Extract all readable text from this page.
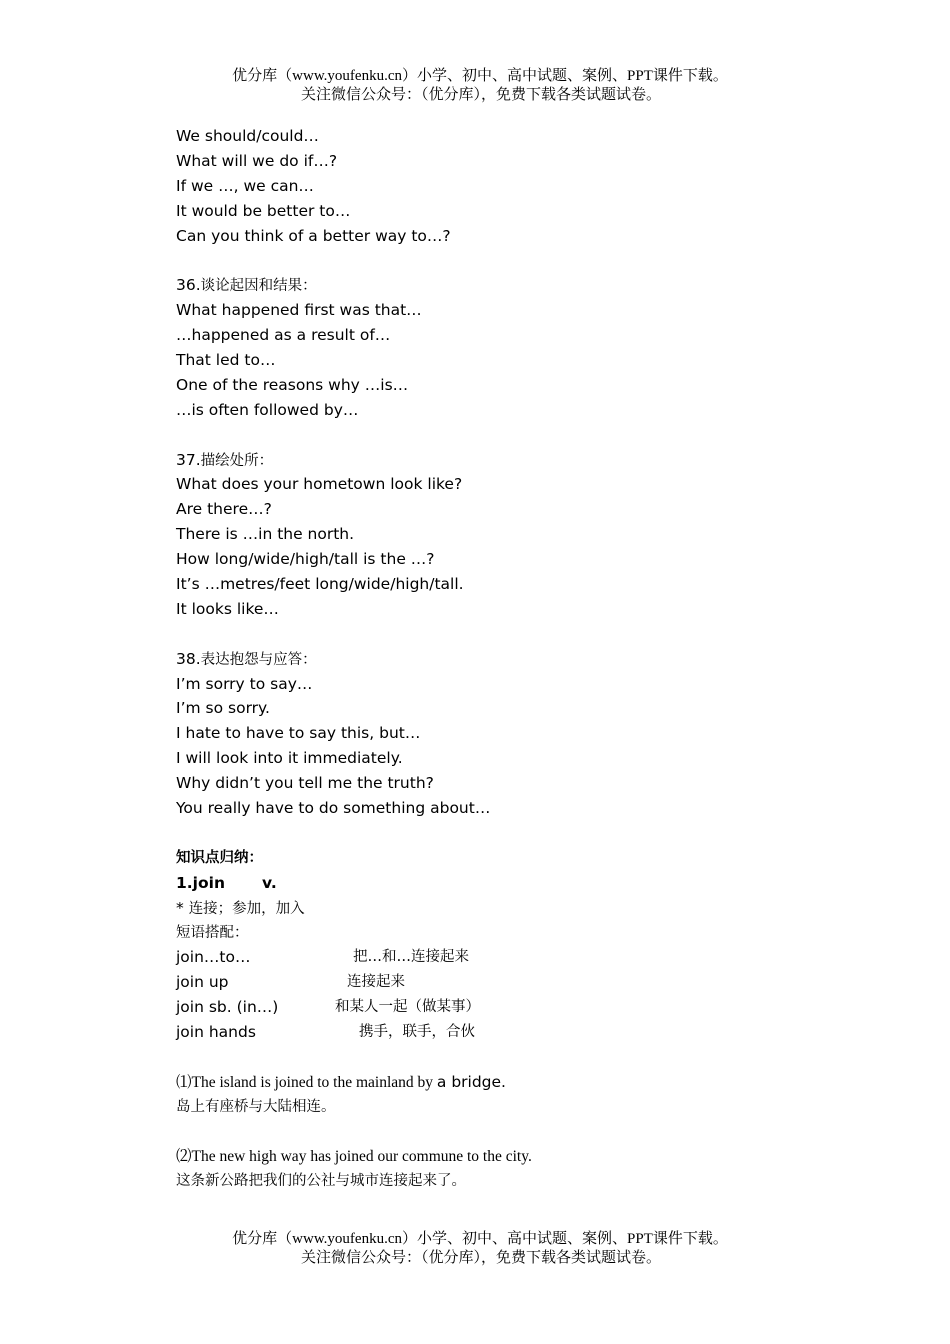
优分库（www.youfenku.cn）小学、初中、高中试题、案例、PPT课件下载。
关注微信公众号：（优分库），免费下载各类试题试卷。
We should/could…
What will we do if…?
If we …, we can…
It would be better to…
Can you think of a better way to…?
36.谈论起因和结果：
What happened first was that…
…happened as a result of…
That led to…
One of the reasons why …is…
…is often followed by…
37.描绘处所：
What does your hometown look like?
Are there…?
There is …in the north.
How long/wide/high/tall is the …?
It’s …metres/feet long/wide/high/tall.
It looks like…
38.表达抱怨与应答：
I’m sorry to say…
I’m so sorry.
I hate to have to say this, but…
I will look into it immediately.
Why didn’t you tell me the truth?
You really have to do something about…
知识点归纳：
1.join v.
* 连接；参加，加入
短语搭配：
join…to…	把…和…连接起来
join up	连接起来
join sb. (in…)	和某人一起（做某事）
join hands	携手，联手，合伙
⑴The island is joined to the mainland by a bridge.
岛上有座桥与大陆相连。
⑵The new high way has joined our commune to the city.
这条新公路把我们的公社与城市连接起来了。
优分库（www.youfenku.cn）小学、初中、高中试题、案例、PPT课件下载。
关注微信公众号：（优分库），免费下载各类试题试卷。
